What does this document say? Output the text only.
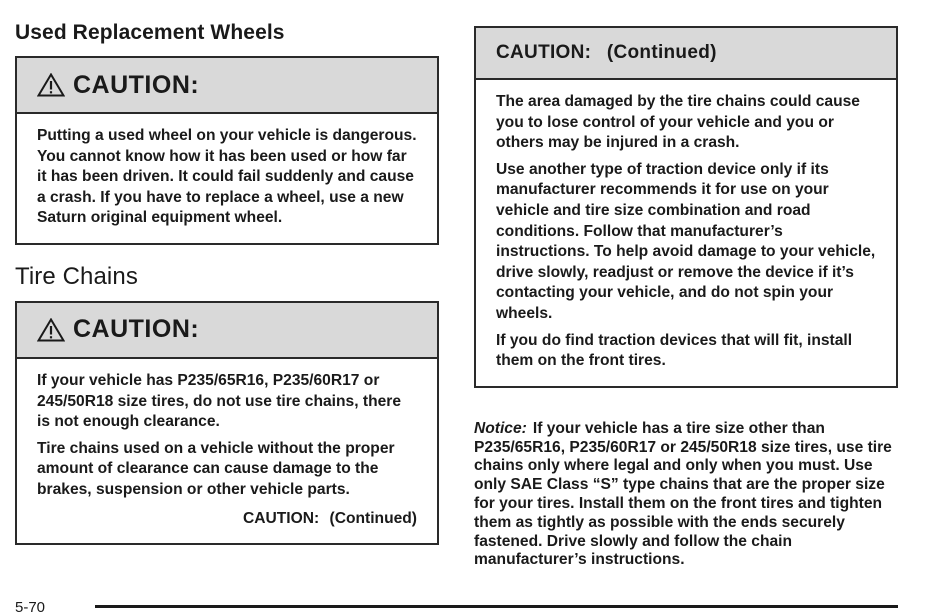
Used Replacement Wheels
CAUTION:

Putting a used wheel on your vehicle is dangerous. You cannot know how it has been used or how far it has been driven. It could fail suddenly and cause a crash. If you have to replace a wheel, use a new Saturn original equipment wheel.

Tire Chains
CAUTION:

If your vehicle has P235/65R16, P235/60R17 or 245/50R18 size tires, do not use tire chains, there is not enough clearance.

Tire chains used on a vehicle without the proper amount of clearance can cause damage to the brakes, suspension or other vehicle parts.

CAUTION: (Continued)
CAUTION: (Continued)

The area damaged by the tire chains could cause you to lose control of your vehicle and you or others may be injured in a crash.

Use another type of traction device only if its manufacturer recommends it for use on your vehicle and tire size combination and road conditions. Follow that manufacturer’s instructions. To help avoid damage to your vehicle, drive slowly, readjust or remove the device if it’s contacting your vehicle, and do not spin your wheels.

If you do find traction devices that will fit, install them on the front tires.

Notice: If your vehicle has a tire size other than P235/65R16, P235/60R17 or 245/50R18 size tires, use tire chains only where legal and only when you must. Use only SAE Class “S” type chains that are the proper size for your tires. Install them on the front tires and tighten them as tightly as possible with the ends securely fastened. Drive slowly and follow the chain manufacturer’s instructions.
5-70
